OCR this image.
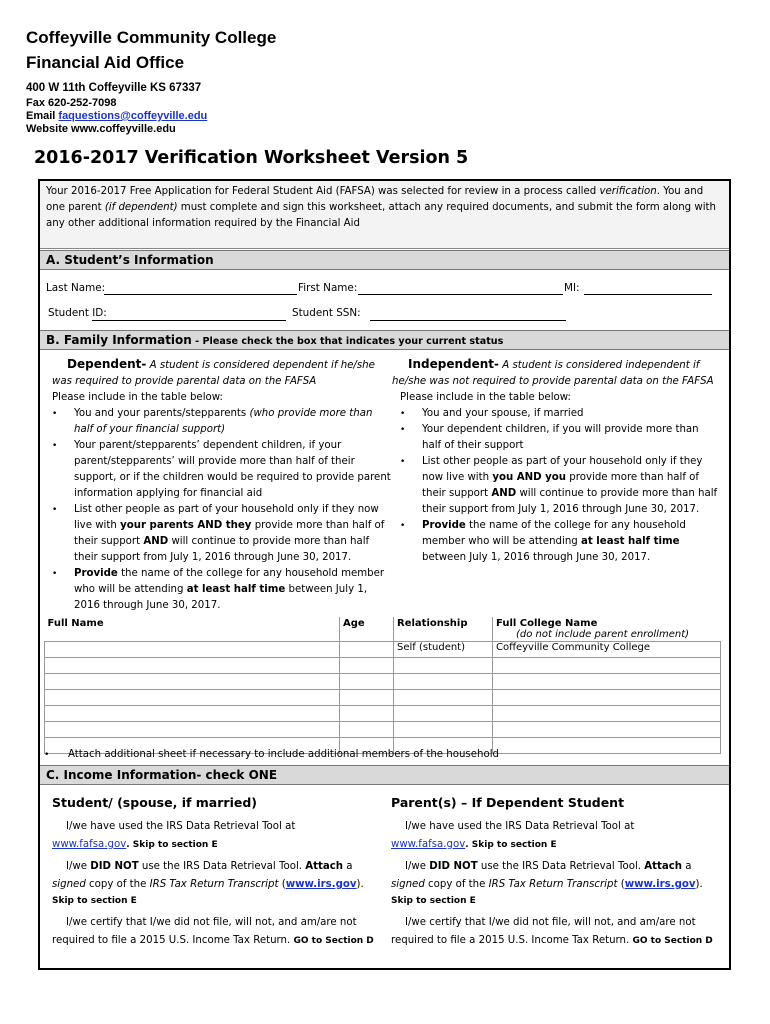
Coffeyville Community College
Financial Aid Office
400 W 11th Coffeyville KS 67337
Fax 620-252-7098
Email faquestions@coffeyville.edu
Website www.coffeyville.edu
2016-2017 Verification Worksheet Version 5
Your 2016-2017 Free Application for Federal Student Aid (FAFSA) was selected for review in a process called verification. You and one parent (if dependent) must complete and sign this worksheet, attach any required documents, and submit the form along with any other additional information required by the Financial Aid
A. Student’s Information
Last Name:	First Name:	MI:
Student ID:	Student SSN:
B. Family Information - Please check the box that indicates your current status
Dependent- A student is considered dependent if he/she
was required to provide parental data on the FAFSA
Please include in the table below:
• You and your parents/stepparents (who provide more than half of your financial support)
• Your parent/stepparents’ dependent children, if your parent/stepparents’ will provide more than half of their support, or if the children would be required to provide parent information applying for financial aid
• List other people as part of your household only if they now live with your parents AND they provide more than half of their support AND will continue to provide more than half their support from July 1, 2016 through June 30, 2017.
• Provide the name of the college for any household member who will be attending at least half time between July 1, 2016 through June 30, 2017.
Independent- A student is considered independent if
he/she was not required to provide parental data on the FAFSA
Please include in the table below:
• You and your spouse, if married
• Your dependent children, if you will provide more than half of their support
• List other people as part of your household only if they now live with you AND you provide more than half of their support AND will continue to provide more than half their support from July 1, 2016 through June 30, 2017.
• Provide the name of the college for any household member who will be attending at least half time between July 1, 2016 through June 30, 2017.
Full Name	Age	Relationship	Full College Name
(do not include parent enrollment)

		Self (student)	Coffeyville Community College

• Attach additional sheet if necessary to include additional members of the household
C. Income Information- check ONE
Student/ (spouse, if married)
I/we have used the IRS Data Retrieval Tool at
www.fafsa.gov. Skip to section E
I/we DID NOT use the IRS Data Retrieval Tool. Attach a
signed copy of the IRS Tax Return Transcript (www.irs.gov).
Skip to section E
I/we certify that I/we did not file, will not, and am/are not
required to file a 2015 U.S. Income Tax Return. GO to Section D
Parent(s) – If Dependent Student
I/we have used the IRS Data Retrieval Tool at
www.fafsa.gov. Skip to section E
I/we DID NOT use the IRS Data Retrieval Tool. Attach a
signed copy of the IRS Tax Return Transcript (www.irs.gov).
Skip to section E
I/we certify that I/we did not file, will not, and am/are not
required to file a 2015 U.S. Income Tax Return. GO to Section D
